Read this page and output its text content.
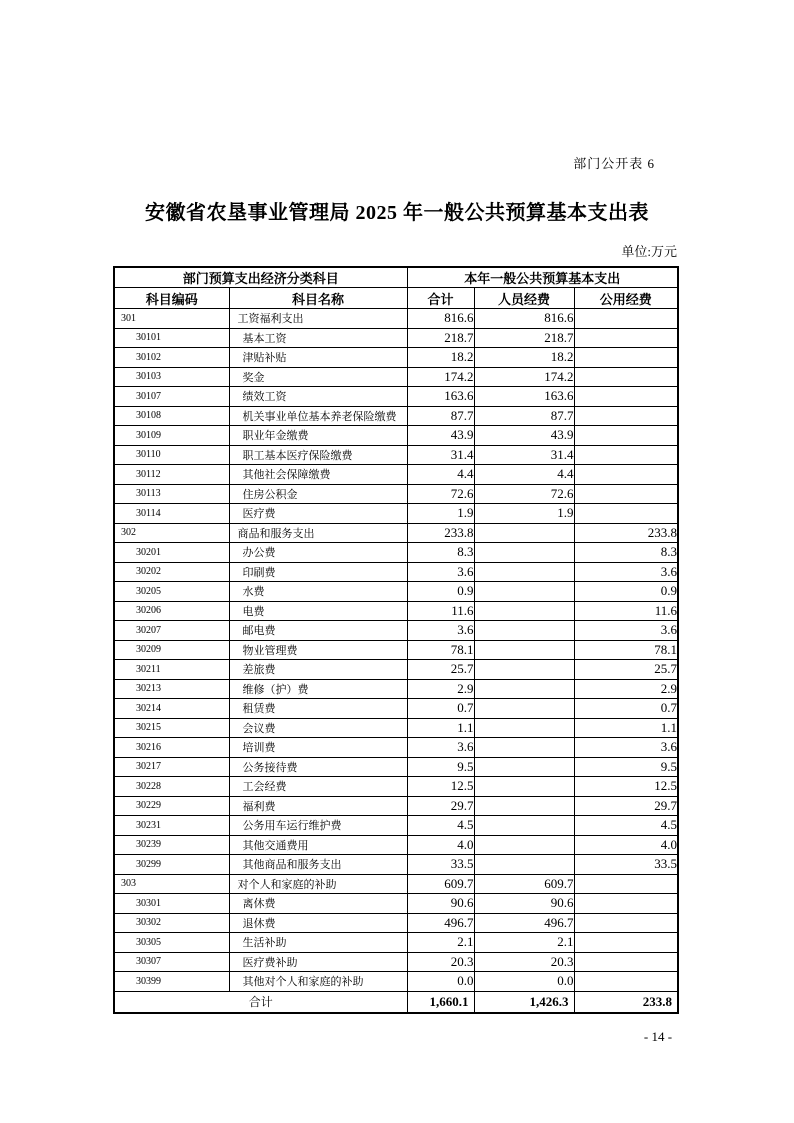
部门公开表 6
安徽省农垦事业管理局 2025 年一般公共预算基本支出表
单位:万元
部门预算支出经济分类科目		本年一般公共预算基本支出		
科目编码	科目名称	合计	人员经费	公用经费
301	工资福利支出	816.6	816.6	
30101	基本工资	218.7	218.7	
30102	津贴补贴	18.2	18.2	
30103	奖金	174.2	174.2	
30107	绩效工资	163.6	163.6	
30108	机关事业单位基本养老保险缴费	87.7	87.7	
30109	职业年金缴费	43.9	43.9	
30110	职工基本医疗保险缴费	31.4	31.4	
30112	其他社会保障缴费	4.4	4.4	
30113	住房公积金	72.6	72.6	
30114	医疗费	1.9	1.9	
302	商品和服务支出	233.8		233.8
30201	办公费	8.3		8.3
30202	印刷费	3.6		3.6
30205	水费	0.9		0.9
30206	电费	11.6		11.6
30207	邮电费	3.6		3.6
30209	物业管理费	78.1		78.1
30211	差旅费	25.7		25.7
30213	维修（护）费	2.9		2.9
30214	租赁费	0.7		0.7
30215	会议费	1.1		1.1
30216	培训费	3.6		3.6
30217	公务接待费	9.5		9.5
30228	工会经费	12.5		12.5
30229	福利费	29.7		29.7
30231	公务用车运行维护费	4.5		4.5
30239	其他交通费用	4.0		4.0
30299	其他商品和服务支出	33.5		33.5
303	对个人和家庭的补助	609.7	609.7	
30301	离休费	90.6	90.6	
30302	退休费	496.7	496.7	
30305	生活补助	2.1	2.1	
30307	医疗费补助	20.3	20.3	
30399	其他对个人和家庭的补助	0.0	0.0	
合计		1,660.1	1,426.3	233.8
- 14 -
